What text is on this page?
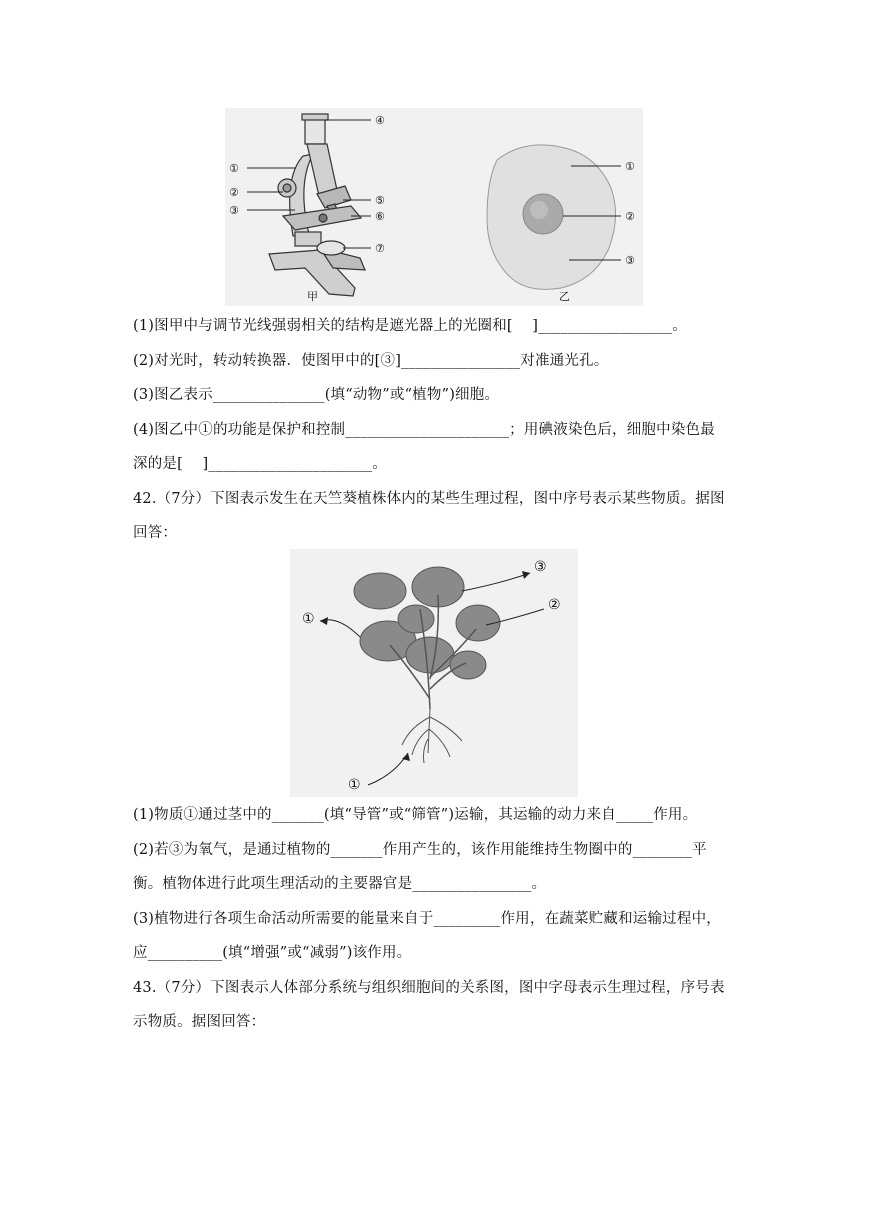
①
②
③
④
⑤
⑥
⑦
甲
①
②
③
乙
(1)图甲中与调节光线强弱相关的结构是遮光器上的光圈和[　 ]__________________。
(2)对光时，转动转换器．使图甲中的[③]________________对准通光孔。
(3)图乙表示_______________(填“动物”或“植物”)细胞。
(4)图乙中①的功能是保护和控制______________________；用碘液染色后，细胞中染色最
深的是[　 ]______________________。
42.（7分）下图表示发生在天竺葵植株体内的某些生理过程，图中序号表示某些物质。据图
回答：
①
②
③
①
(1)物质①通过茎中的_______(填“导管”或“筛管”)运输，其运输的动力来自_____作用。
(2)若③为氧气，是通过植物的_______作用产生的，该作用能维持生物圈中的________平
衡。植物体进行此项生理活动的主要器官是________________。
(3)植物进行各项生命活动所需要的能量来自于_________作用，在蔬菜贮藏和运输过程中，
应__________(填“增强”或“减弱”)该作用。
43.（7分）下图表示人体部分系统与组织细胞间的关系图，图中字母表示生理过程，序号表
示物质。据图回答：
